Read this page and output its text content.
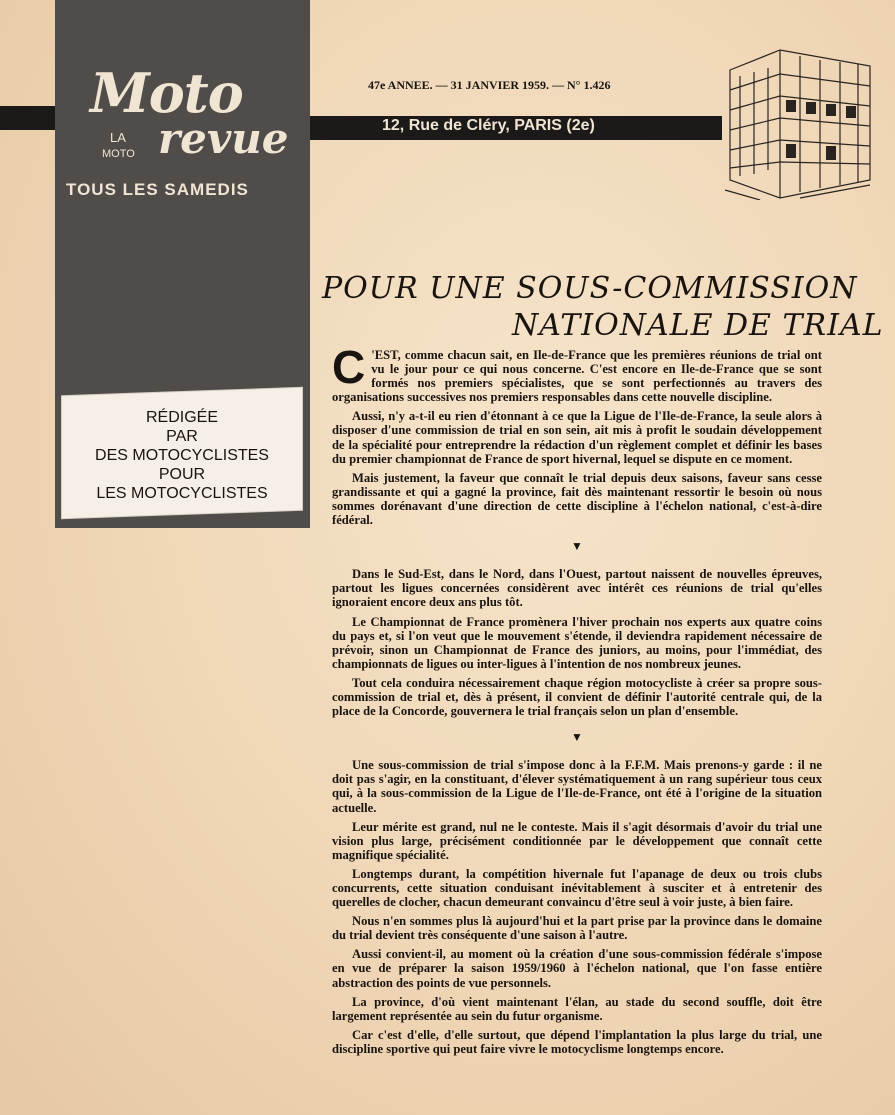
Moto
LA
MOTO revue
TOUS LES SAMEDIS
47e ANNEE. — 31 JANVIER 1959. — N° 1.426
12, Rue de Cléry, PARIS (2e)
RÉDIGÉE
PAR
DES MOTOCYCLISTES
POUR
LES MOTOCYCLISTES
POUR UNE SOUS-COMMISSION
NATIONALE DE TRIAL

C 'EST, comme chacun sait, en Ile-de-France que les premières réunions de trial ont vu le jour pour ce qui nous concerne. C'est encore en Ile-de-France que se sont formés nos premiers spécialistes, que se sont perfectionnés au travers des organisations successives nos premiers responsables dans cette nouvelle discipline.

Aussi, n'y a-t-il eu rien d'étonnant à ce que la Ligue de l'Ile-de-France, la seule alors à disposer d'une commission de trial en son sein, ait mis à profit le soudain développement de la spécialité pour entreprendre la rédaction d'un règlement complet et définir les bases du premier championnat de France de sport hivernal, lequel se dispute en ce moment.

Mais justement, la faveur que connaît le trial depuis deux saisons, faveur sans cesse grandissante et qui a gagné la province, fait dès maintenant ressortir le besoin où nous sommes dorénavant d'une direction de cette discipline à l'échelon national, c'est-à-dire fédéral.

▼

Dans le Sud-Est, dans le Nord, dans l'Ouest, partout naissent de nouvelles épreuves, partout les ligues concernées considèrent avec intérêt ces réunions de trial qu'elles ignoraient encore deux ans plus tôt.

Le Championnat de France promènera l'hiver prochain nos experts aux quatre coins du pays et, si l'on veut que le mouvement s'étende, il deviendra rapidement nécessaire de prévoir, sinon un Championnat de France des juniors, au moins, pour l'immédiat, des championnats de ligues ou inter-ligues à l'intention de nos nombreux jeunes.

Tout cela conduira nécessairement chaque région motocycliste à créer sa propre sous-commission de trial et, dès à présent, il convient de définir l'autorité centrale qui, de la place de la Concorde, gouvernera le trial français selon un plan d'ensemble.

▼

Une sous-commission de trial s'impose donc à la F.F.M. Mais prenons-y garde : il ne doit pas s'agir, en la constituant, d'élever systématiquement à un rang supérieur tous ceux qui, à la sous-commission de la Ligue de l'Ile-de-France, ont été à l'origine de la situation actuelle.

Leur mérite est grand, nul ne le conteste. Mais il s'agit désormais d'avoir du trial une vision plus large, précisément conditionnée par le développement que connaît cette magnifique spécialité.

Longtemps durant, la compétition hivernale fut l'apanage de deux ou trois clubs concurrents, cette situation conduisant inévitablement à susciter et à entretenir des querelles de clocher, chacun demeurant convaincu d'être seul à voir juste, à bien faire.

Nous n'en sommes plus là aujourd'hui et la part prise par la province dans le domaine du trial devient très conséquente d'une saison à l'autre.

Aussi convient-il, au moment où la création d'une sous-commission fédérale s'impose en vue de préparer la saison 1959/1960 à l'échelon national, que l'on fasse entière abstraction des points de vue personnels.

La province, d'où vient maintenant l'élan, au stade du second souffle, doit être largement représentée au sein du futur organisme.

Car c'est d'elle, d'elle surtout, que dépend l'implantation la plus large du trial, une discipline sportive qui peut faire vivre le motocyclisme longtemps encore.
